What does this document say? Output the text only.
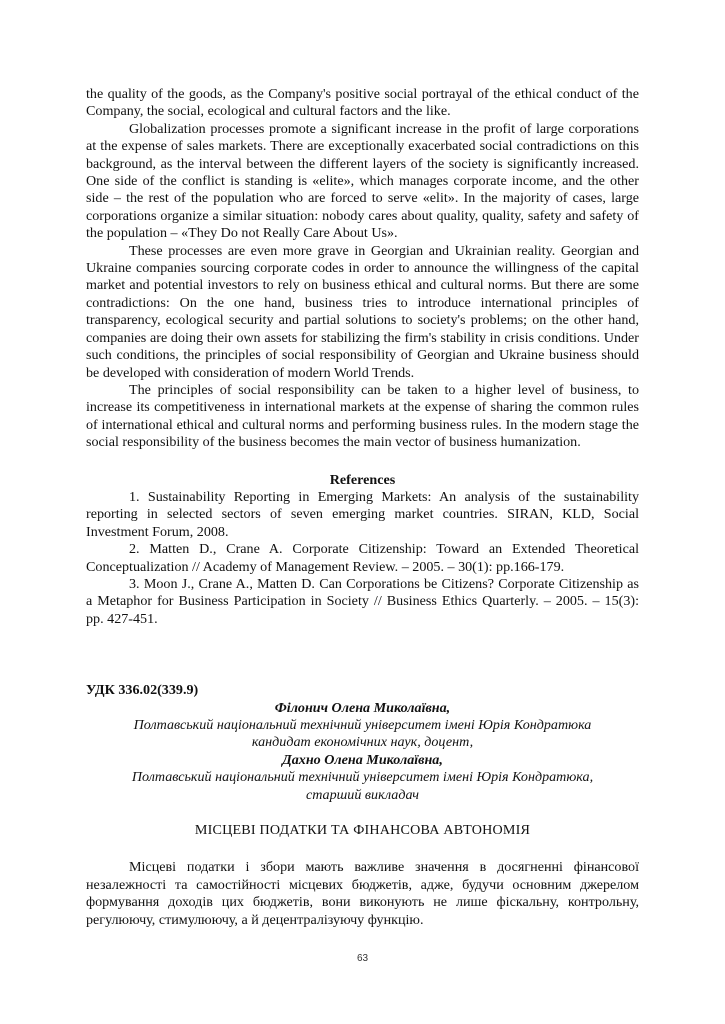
the quality of the goods, as the Company's positive social portrayal of the ethical conduct of the Company, the social, ecological and cultural factors and the like.

Globalization processes promote a significant increase in the profit of large corporations at the expense of sales markets. There are exceptionally exacerbated social contradictions on this background, as the interval between the different layers of the society is significantly increased. One side of the conflict is standing is «elite», which manages corporate income, and the other side – the rest of the population who are forced to serve «elit». In the majority of cases, large corporations organize a similar situation: nobody cares about quality, quality, safety and safety of the population – «They Do not Really Care About Us».

These processes are even more grave in Georgian and Ukrainian reality. Georgian and Ukraine companies sourcing corporate codes in order to announce the willingness of the capital market and potential investors to rely on business ethical and cultural norms. But there are some contradictions: On the one hand, business tries to introduce international principles of transparency, ecological security and partial solutions to society's problems; on the other hand, companies are doing their own assets for stabilizing the firm's stability in crisis conditions. Under such conditions, the principles of social responsibility of Georgian and Ukraine business should be developed with consideration of modern World Trends.

The principles of social responsibility can be taken to a higher level of business, to increase its competitiveness in international markets at the expense of sharing the common rules of international ethical and cultural norms and performing business rules. In the modern stage the social responsibility of the business becomes the main vector of business humanization.

References

1. Sustainability Reporting in Emerging Markets: An analysis of the sustainability reporting in selected sectors of seven emerging market countries. SIRAN, KLD, Social Investment Forum, 2008.

2. Matten D., Crane A. Corporate Citizenship: Toward an Extended Theoretical Conceptualization // Academy of Management Review. – 2005. – 30(1): pp.166-179.

3. Moon J., Crane A., Matten D. Can Corporations be Citizens? Corporate Citizenship as a Metaphor for Business Participation in Society // Business Ethics Quarterly. – 2005. – 15(3): pp. 427-451.

УДК 336.02(339.9)

Філонич Олена Миколаївна,

Полтавський національний технічний університет імені Юрія Кондратюка

кандидат економічних наук, доцент,

Дахно Олена Миколаївна,

Полтавський національний технічний університет імені Юрія Кондратюка,

старший викладач

МІСЦЕВІ ПОДАТКИ ТА ФІНАНСОВА АВТОНОМІЯ

Місцеві податки і збори мають важливе значення в досягненні фінансової незалежності та самостійності місцевих бюджетів, адже, будучи основним джерелом формування доходів цих бюджетів, вони виконують не лише фіскальну, контрольну, регулюючу, стимулюючу, а й децентралізуючу функцію.

63
